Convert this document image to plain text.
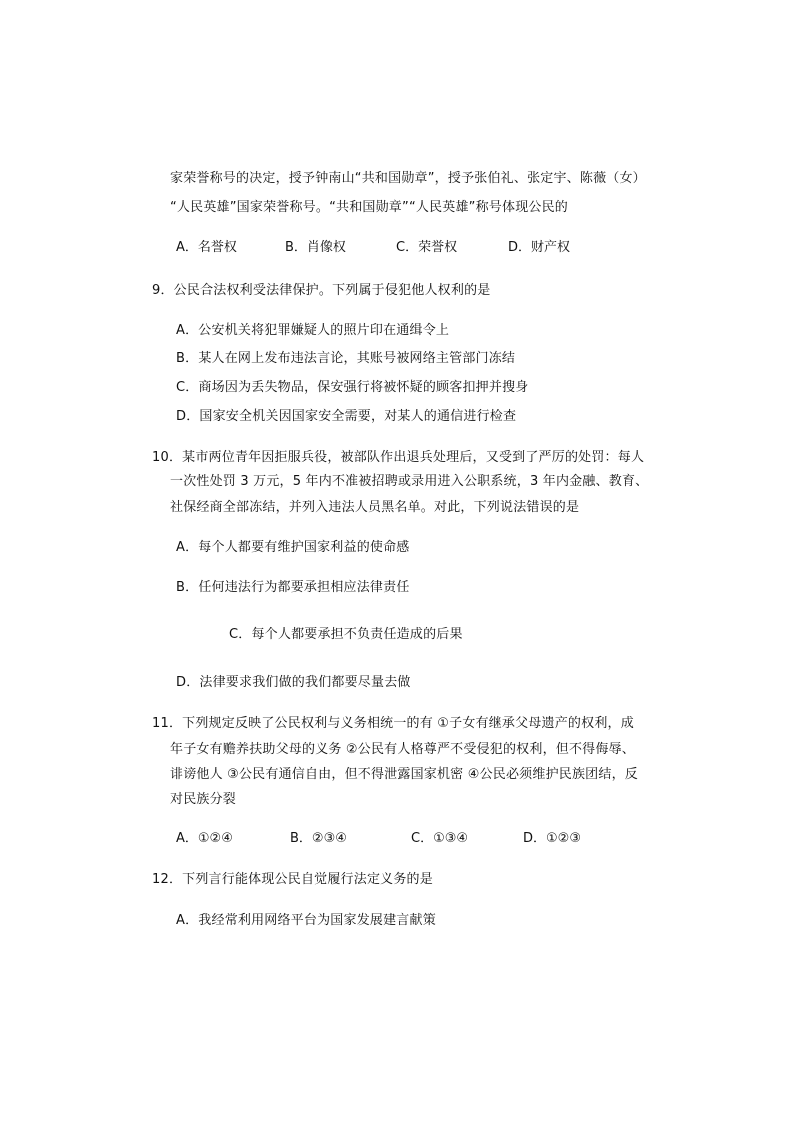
家荣誉称号的决定，授予钟南山“共和国勋章”，授予张伯礼、张定宇、陈薇（女）
“人民英雄”国家荣誉称号。“共和国勋章”“人民英雄”称号体现公民的
A．名誉权	B．肖像权	C．荣誉权	D．财产权
9．公民合法权利受法律保护。下列属于侵犯他人权利的是
A．公安机关将犯罪嫌疑人的照片印在通缉令上
B．某人在网上发布违法言论，其账号被网络主管部门冻结
C．商场因为丢失物品，保安强行将被怀疑的顾客扣押并搜身
D．国家安全机关因国家安全需要，对某人的通信进行检查
10．某市两位青年因拒服兵役，被部队作出退兵处理后，又受到了严厉的处罚：每人
一次性处罚 3 万元，5 年内不准被招聘或录用进入公职系统，3 年内金融、教育、
社保经商全部冻结，并列入违法人员黑名单。对此，下列说法错误的是
A．每个人都要有维护国家利益的使命感
B．任何违法行为都要承担相应法律责任
C．每个人都要承担不负责任造成的后果
D．法律要求我们做的我们都要尽量去做
11．下列规定反映了公民权利与义务相统一的有 ①子女有继承父母遗产的权利，成
年子女有赡养扶助父母的义务 ②公民有人格尊严不受侵犯的权利，但不得侮辱、
诽谤他人 ③公民有通信自由，但不得泄露国家机密 ④公民必须维护民族团结，反
对民族分裂
A．①②④	B．②③④	C．①③④	D．①②③
12．下列言行能体现公民自觉履行法定义务的是
A．我经常利用网络平台为国家发展建言献策
